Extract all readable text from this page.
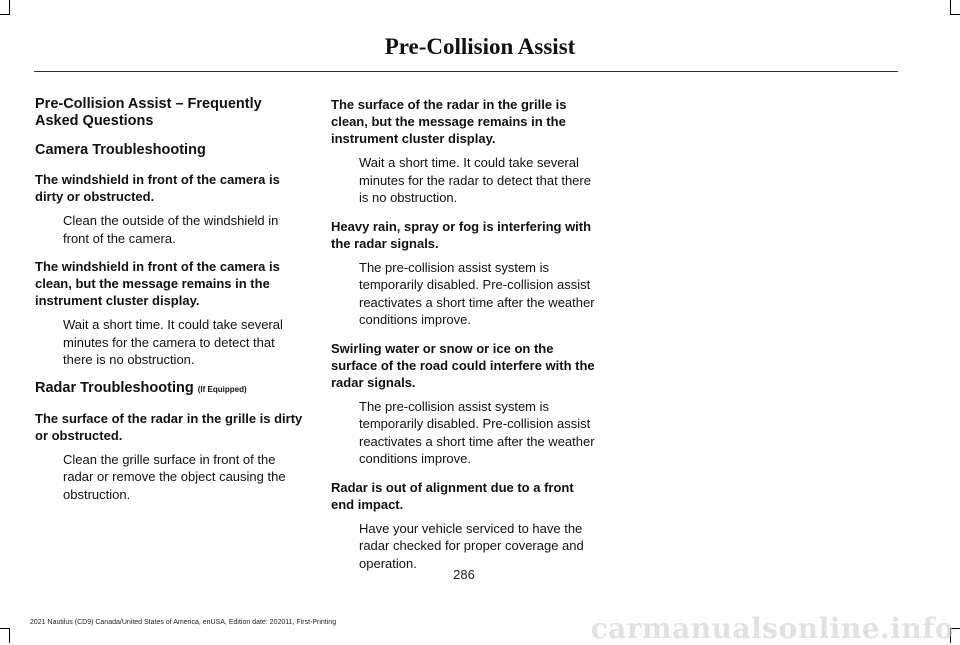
Pre-Collision Assist
Pre-Collision Assist – Frequently Asked Questions
Camera Troubleshooting
The windshield in front of the camera is dirty or obstructed.
Clean the outside of the windshield in front of the camera.
The windshield in front of the camera is clean, but the message remains in the instrument cluster display.
Wait a short time. It could take several minutes for the camera to detect that there is no obstruction.
Radar Troubleshooting (If Equipped)
The surface of the radar in the grille is dirty or obstructed.
Clean the grille surface in front of the radar or remove the object causing the obstruction.
The surface of the radar in the grille is clean, but the message remains in the instrument cluster display.
Wait a short time. It could take several minutes for the radar to detect that there is no obstruction.
Heavy rain, spray or fog is interfering with the radar signals.
The pre-collision assist system is temporarily disabled. Pre-collision assist reactivates a short time after the weather conditions improve.
Swirling water or snow or ice on the surface of the road could interfere with the radar signals.
The pre-collision assist system is temporarily disabled. Pre-collision assist reactivates a short time after the weather conditions improve.
Radar is out of alignment due to a front end impact.
Have your vehicle serviced to have the radar checked for proper coverage and operation.
286
2021 Nautilus (CD9) Canada/United States of America, enUSA, Edition date: 202011, First-Printing	carmanualsonline.info
